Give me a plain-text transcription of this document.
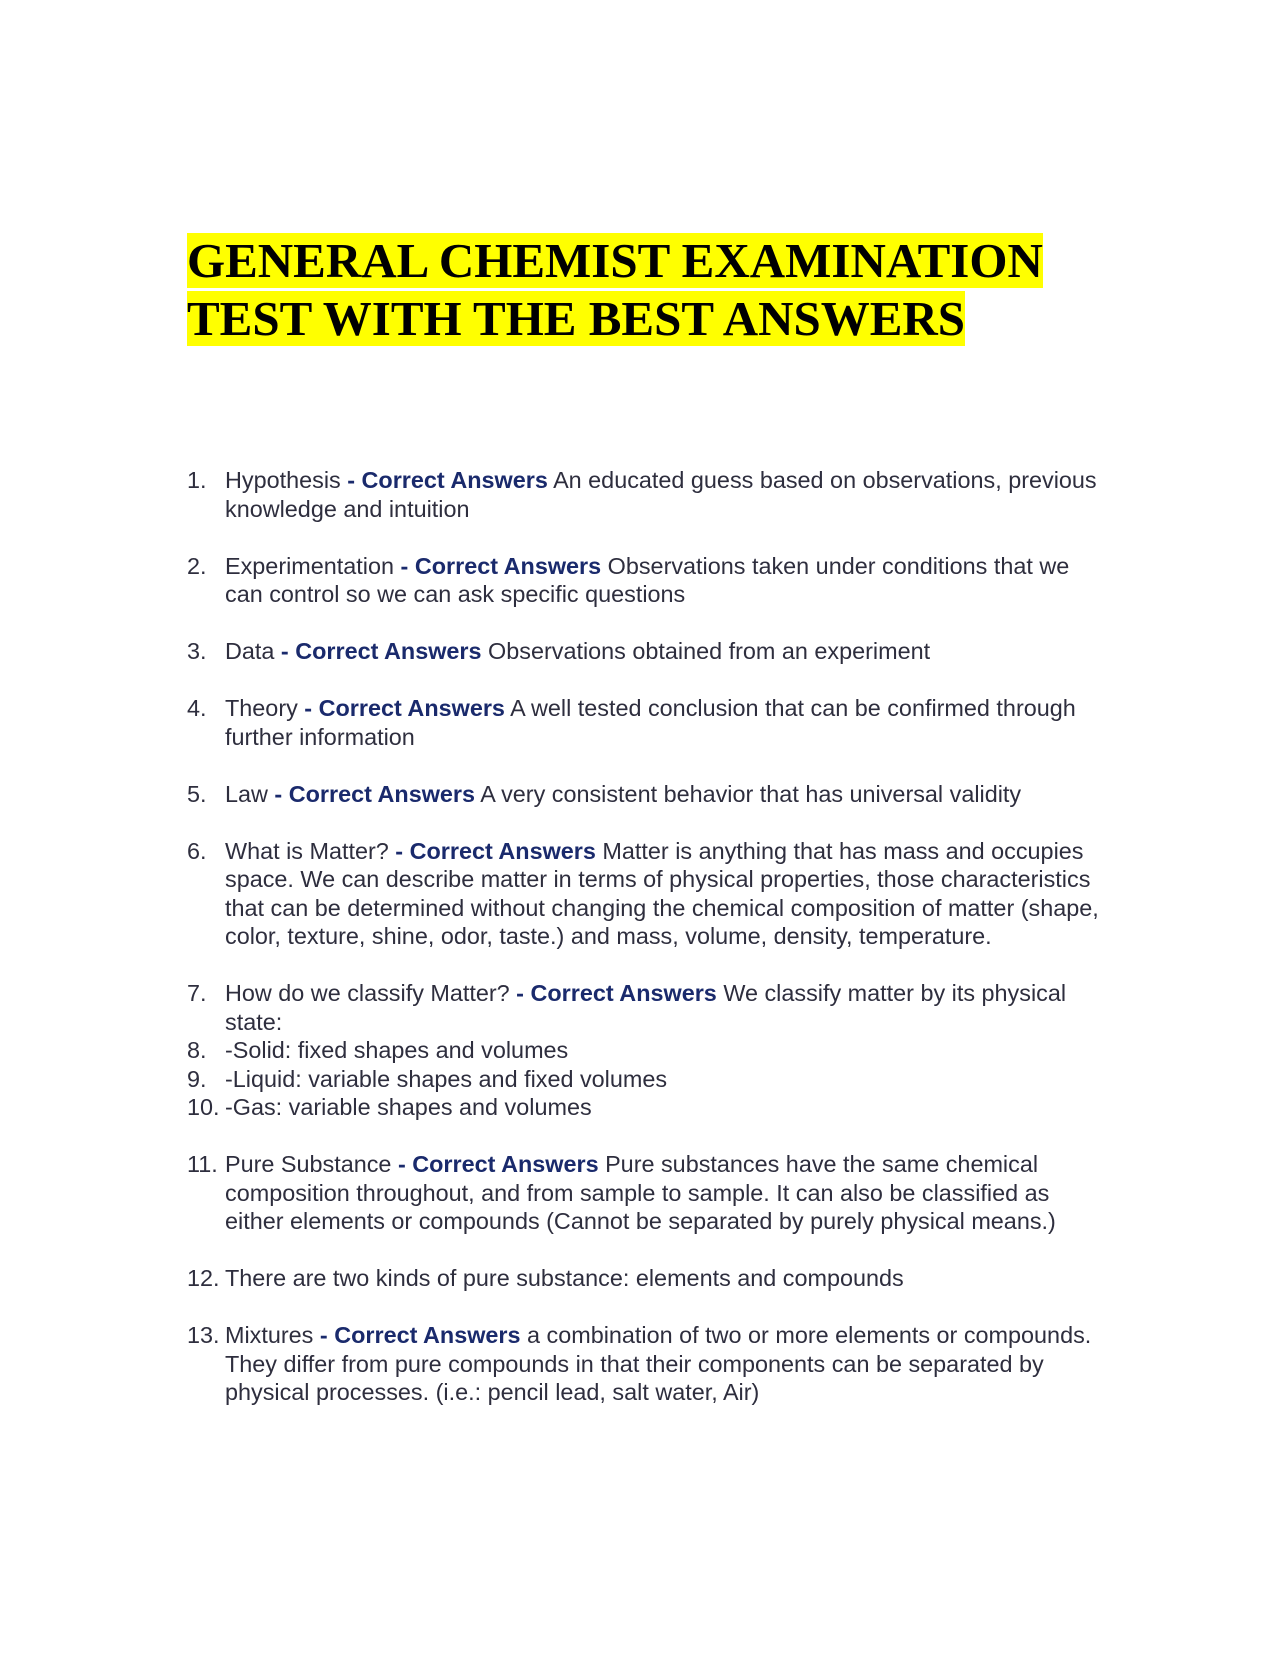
GENERAL CHEMIST EXAMINATION
TEST WITH THE BEST ANSWERS
1. Hypothesis - Correct Answers An educated guess based on observations, previous knowledge and intuition
2. Experimentation - Correct Answers Observations taken under conditions that we can control so we can ask specific questions
3. Data - Correct Answers Observations obtained from an experiment
4. Theory - Correct Answers A well tested conclusion that can be confirmed through further information
5. Law - Correct Answers A very consistent behavior that has universal validity
6. What is Matter? - Correct Answers Matter is anything that has mass and occupies space. We can describe matter in terms of physical properties, those characteristics that can be determined without changing the chemical composition of matter (shape, color, texture, shine, odor, taste.) and mass, volume, density, temperature.
7. How do we classify Matter? - Correct Answers We classify matter by its physical state:
8. -Solid: fixed shapes and volumes
9. -Liquid: variable shapes and fixed volumes
10. -Gas: variable shapes and volumes
11. Pure Substance - Correct Answers Pure substances have the same chemical composition throughout, and from sample to sample. It can also be classified as either elements or compounds (Cannot be separated by purely physical means.)
12. There are two kinds of pure substance: elements and compounds
13. Mixtures - Correct Answers a combination of two or more elements or compounds. They differ from pure compounds in that their components can be separated by physical processes. (i.e.: pencil lead, salt water, Air)
